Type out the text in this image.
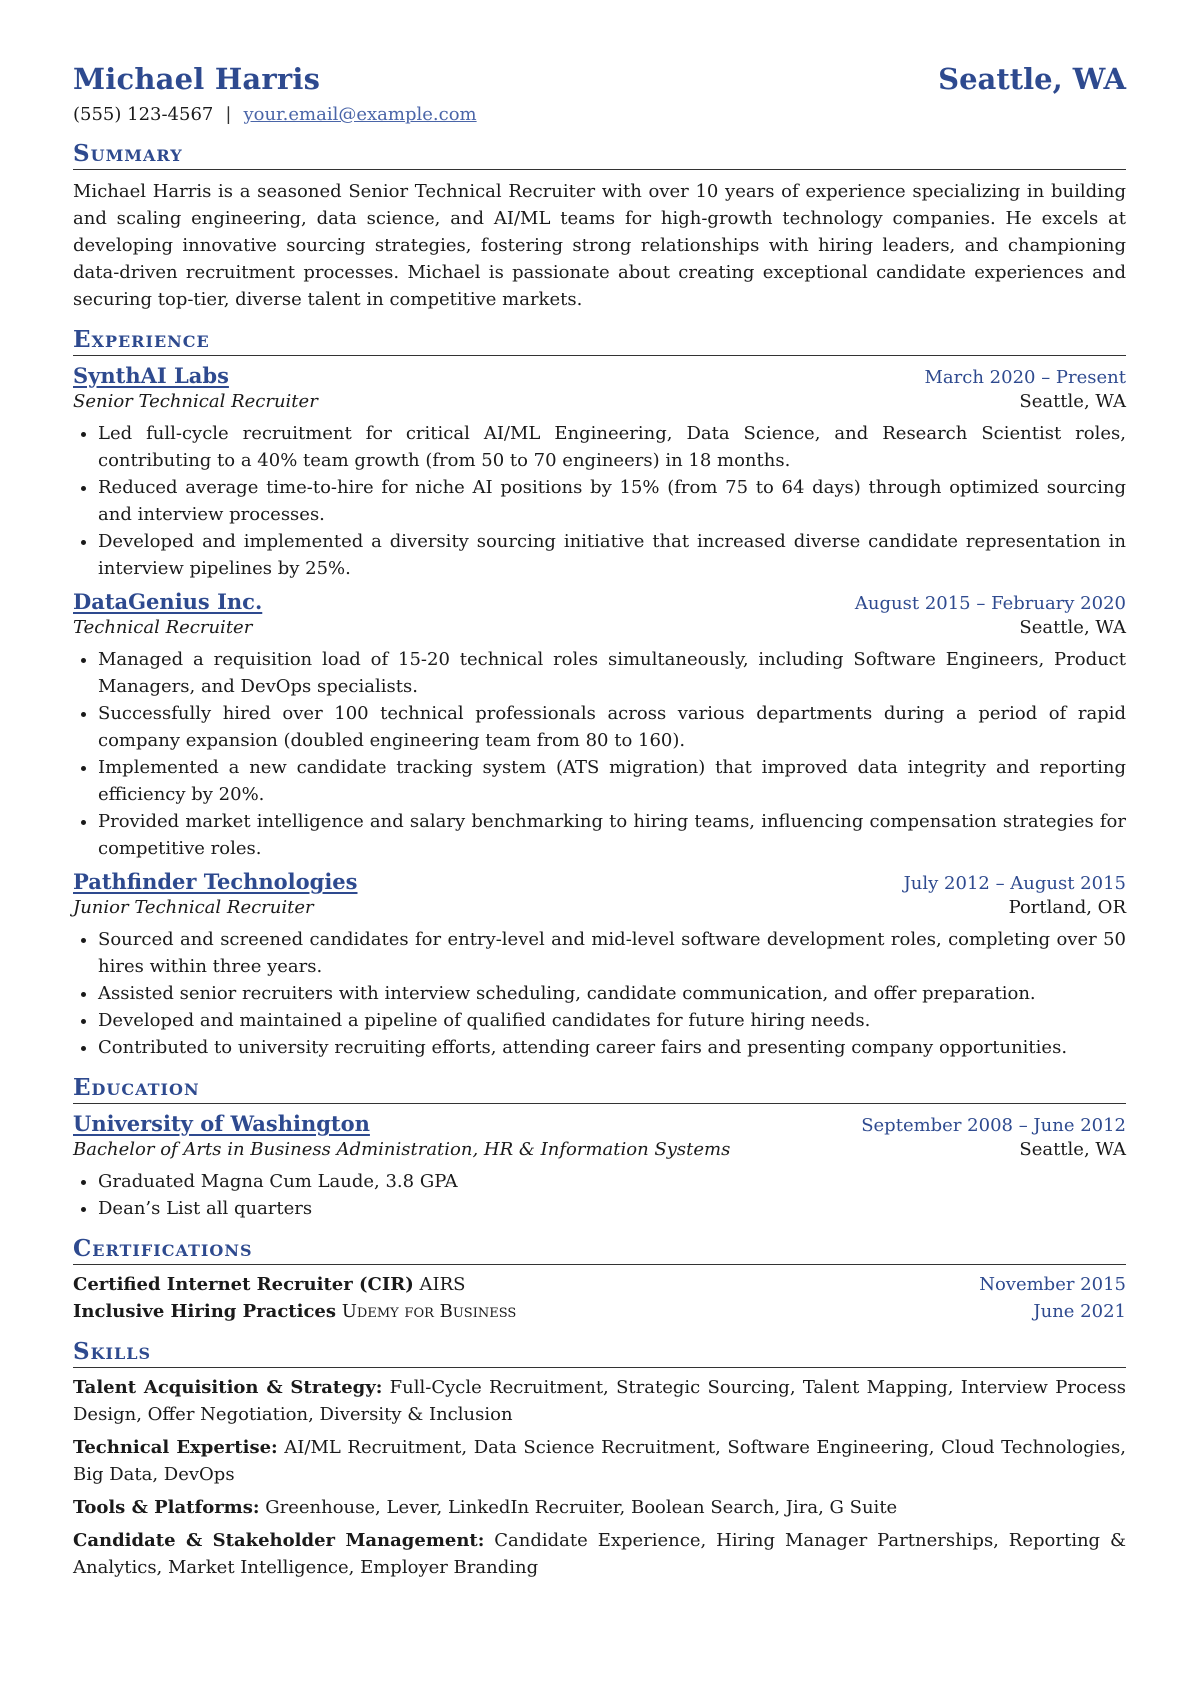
Michael Harris	Seattle, WA
(555) 123-4567 | your.email@example.com
Summary
Michael Harris is a seasoned Senior Technical Recruiter with over 10 years of experience specializing in building and scaling engineering, data science, and AI/ML teams for high-growth technology companies. He excels at developing innovative sourcing strategies, fostering strong relationships with hiring leaders, and championing data-driven recruitment processes. Michael is passionate about creating exceptional candidate experiences and securing top-tier, diverse talent in competitive markets.
Experience
SynthAI Labs	March 2020 – Present
Senior Technical Recruiter	Seattle, WA
• Led full-cycle recruitment for critical AI/ML Engineering, Data Science, and Research Scientist roles, contributing to a 40% team growth (from 50 to 70 engineers) in 18 months.
• Reduced average time-to-hire for niche AI positions by 15% (from 75 to 64 days) through optimized sourcing and interview processes.
• Developed and implemented a diversity sourcing initiative that increased diverse candidate representation in interview pipelines by 25%.
DataGenius Inc.	August 2015 – February 2020
Technical Recruiter	Seattle, WA
• Managed a requisition load of 15-20 technical roles simultaneously, including Software Engineers, Product Managers, and DevOps specialists.
• Successfully hired over 100 technical professionals across various departments during a period of rapid company expansion (doubled engineering team from 80 to 160).
• Implemented a new candidate tracking system (ATS migration) that improved data integrity and reporting efficiency by 20%.
• Provided market intelligence and salary benchmarking to hiring teams, influencing compensation strategies for competitive roles.
Pathfinder Technologies	July 2012 – August 2015
Junior Technical Recruiter	Portland, OR
• Sourced and screened candidates for entry-level and mid-level software development roles, completing over 50 hires within three years.
• Assisted senior recruiters with interview scheduling, candidate communication, and offer preparation.
• Developed and maintained a pipeline of qualified candidates for future hiring needs.
• Contributed to university recruiting efforts, attending career fairs and presenting company opportunities.
Education
University of Washington	September 2008 – June 2012
Bachelor of Arts in Business Administration, HR & Information Systems	Seattle, WA
• Graduated Magna Cum Laude, 3.8 GPA
• Dean’s List all quarters
Certifications
Certified Internet Recruiter (CIR) AIRS	November 2015
Inclusive Hiring Practices Udemy for Business	June 2021
Skills
Talent Acquisition & Strategy: Full-Cycle Recruitment, Strategic Sourcing, Talent Mapping, Interview Process Design, Offer Negotiation, Diversity & Inclusion
Technical Expertise: AI/ML Recruitment, Data Science Recruitment, Software Engineering, Cloud Technologies, Big Data, DevOps
Tools & Platforms: Greenhouse, Lever, LinkedIn Recruiter, Boolean Search, Jira, G Suite
Candidate & Stakeholder Management: Candidate Experience, Hiring Manager Partnerships, Reporting & Analytics, Market Intelligence, Employer Branding
